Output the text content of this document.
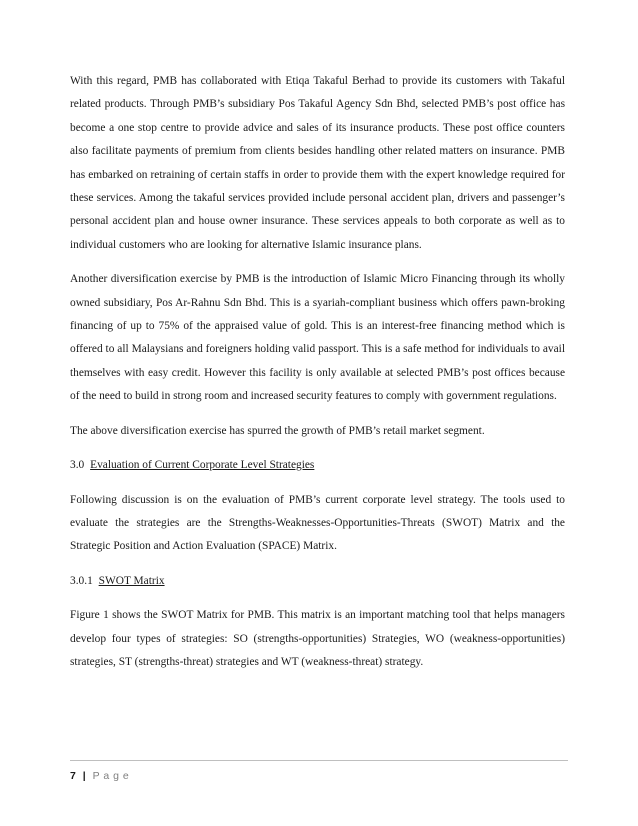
With this regard, PMB has collaborated with Etiqa Takaful Berhad to provide its customers with Takaful related products. Through PMB’s subsidiary Pos Takaful Agency Sdn Bhd, selected PMB’s post office has become a one stop centre to provide advice and sales of its insurance products. These post office counters also facilitate payments of premium from clients besides handling other related matters on insurance. PMB has embarked on retraining of certain staffs in order to provide them with the expert knowledge required for these services. Among the takaful services provided include personal accident plan, drivers and passenger’s personal accident plan and house owner insurance. These services appeals to both corporate as well as to individual customers who are looking for alternative Islamic insurance plans.

Another diversification exercise by PMB is the introduction of Islamic Micro Financing through its wholly owned subsidiary, Pos Ar-Rahnu Sdn Bhd. This is a syariah-compliant business which offers pawn-broking financing of up to 75% of the appraised value of gold. This is an interest-free financing method which is offered to all Malaysians and foreigners holding valid passport. This is a safe method for individuals to avail themselves with easy credit. However this facility is only available at selected PMB’s post offices because of the need to build in strong room and increased security features to comply with government regulations.

The above diversification exercise has spurred the growth of PMB’s retail market segment.

3.0 Evaluation of Current Corporate Level Strategies

Following discussion is on the evaluation of PMB’s current corporate level strategy. The tools used to evaluate the strategies are the Strengths-Weaknesses-Opportunities-Threats (SWOT) Matrix and the Strategic Position and Action Evaluation (SPACE) Matrix.

3.0.1 SWOT Matrix

Figure 1 shows the SWOT Matrix for PMB. This matrix is an important matching tool that helps managers develop four types of strategies: SO (strengths-opportunities) Strategies, WO (weakness-opportunities) strategies, ST (strengths-threat) strategies and WT (weakness-threat) strategy.

7 | P a g e
